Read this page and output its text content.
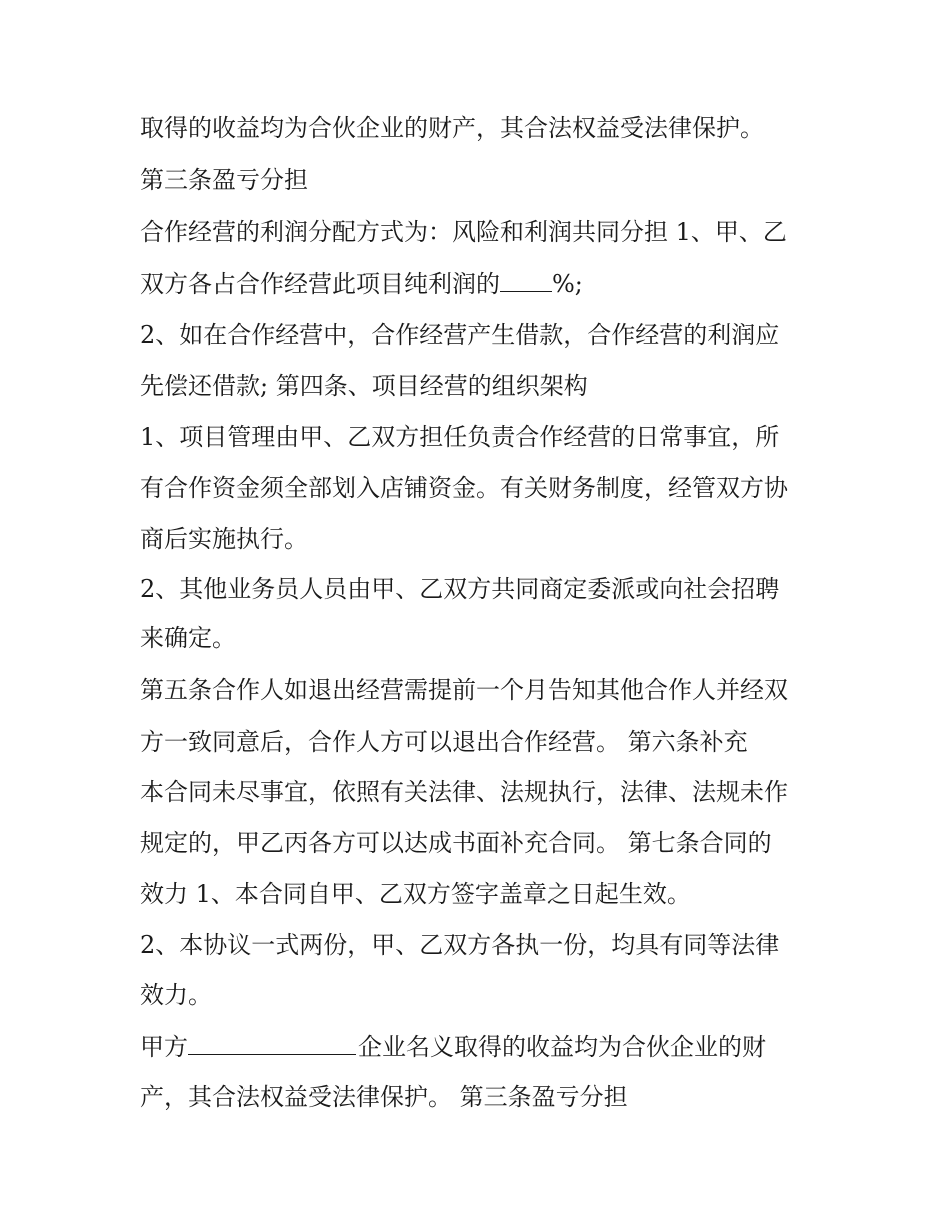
取得的收益均为合伙企业的财产，其合法权益受法律保护。

第三条盈亏分担

合作经营的利润分配方式为：风险和利润共同分担 1、甲、乙

双方各占合作经营此项目纯利润的 %;

2、如在合作经营中，合作经营产生借款，合作经营的利润应

先偿还借款; 第四条、项目经营的组织架构

1、项目管理由甲、乙双方担任负责合作经营的日常事宜，所

有合作资金须全部划入店铺资金。有关财务制度，经管双方协

商后实施执行。

2、其他业务员人员由甲、乙双方共同商定委派或向社会招聘

来确定。

第五条合作人如退出经营需提前一个月告知其他合作人并经双

方一致同意后，合作人方可以退出合作经营。 第六条补充

本合同未尽事宜，依照有关法律、法规执行，法律、法规未作

规定的，甲乙丙各方可以达成书面补充合同。 第七条合同的

效力 1、本合同自甲、乙双方签字盖章之日起生效。

2、本协议一式两份，甲、乙双方各执一份，均具有同等法律

效力。

甲方	企业名义取得的收益均为合伙企业的财

产，其合法权益受法律保护。 第三条盈亏分担
